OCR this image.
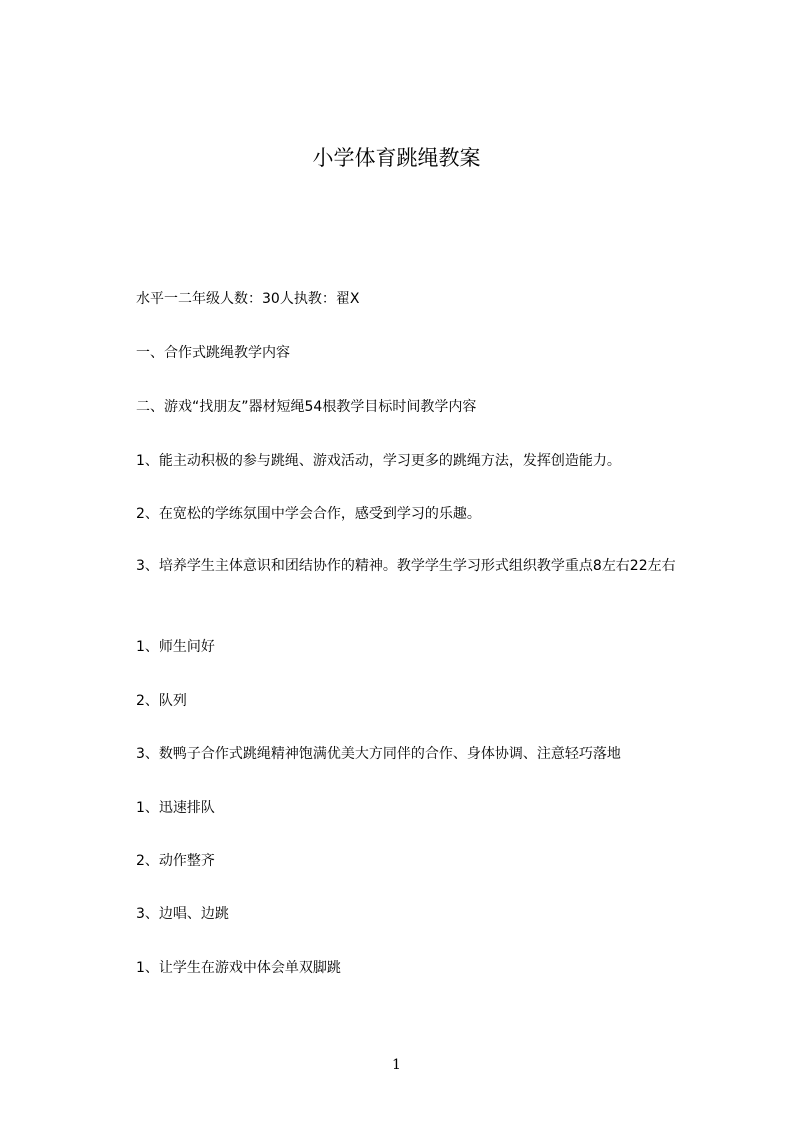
小学体育跳绳教案
水平一二年级人数：30人执教：翟X
一、合作式跳绳教学内容
二、游戏“找朋友”器材短绳54根教学目标时间教学内容
1、能主动积极的参与跳绳、游戏活动，学习更多的跳绳方法，发挥创造能力。
2、在宽松的学练氛围中学会合作，感受到学习的乐趣。
3、培养学生主体意识和团结协作的精神。教学学生学习形式组织教学重点8左右22左右
1、师生问好
2、队列
3、数鸭子合作式跳绳精神饱满优美大方同伴的合作、身体协调、注意轻巧落地
1、迅速排队
2、动作整齐
3、边唱、边跳
1、让学生在游戏中体会单双脚跳
1
